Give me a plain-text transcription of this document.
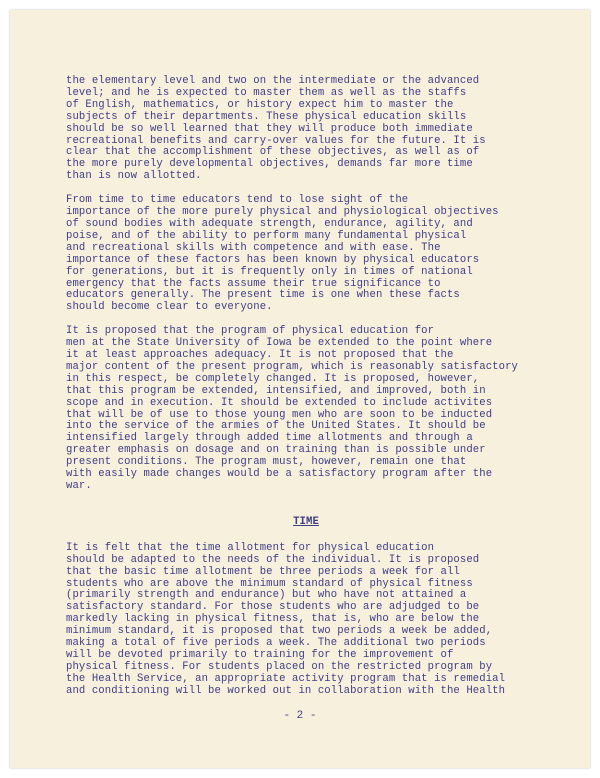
the elementary level and two on the intermediate or the advanced
level; and he is expected to master them as well as the staffs
of English, mathematics, or history expect him to master the
subjects of their departments. These physical education skills
should be so well learned that they will produce both immediate
recreational benefits and carry-over values for the future. It is
clear that the accomplishment of these objectives, as well as of
the more purely developmental objectives, demands far more time
than is now allotted.

From time to time educators tend to lose sight of the
importance of the more purely physical and physiological objectives
of sound bodies with adequate strength, endurance, agility, and
poise, and of the ability to perform many fundamental physical
and recreational skills with competence and with ease. The
importance of these factors has been known by physical educators
for generations, but it is frequently only in times of national
emergency that the facts assume their true significance to
educators generally. The present time is one when these facts
should become clear to everyone.

It is proposed that the program of physical education for
men at the State University of Iowa be extended to the point where
it at least approaches adequacy. It is not proposed that the
major content of the present program, which is reasonably satisfactory
in this respect, be completely changed. It is proposed, however,
that this program be extended, intensified, and improved, both in
scope and in execution. It should be extended to include activites
that will be of use to those young men who are soon to be inducted
into the service of the armies of the United States. It should be
intensified largely through added time allotments and through a
greater emphasis on dosage and on training than is possible under
present conditions. The program must, however, remain one that
with easily made changes would be a satisfactory program after the
war.

TIME

It is felt that the time allotment for physical education
should be adapted to the needs of the individual. It is proposed
that the basic time allotment be three periods a week for all
students who are above the minimum standard of physical fitness
(primarily strength and endurance) but who have not attained a
satisfactory standard. For those students who are adjudged to be
markedly lacking in physical fitness, that is, who are below the
minimum standard, it is proposed that two periods a week be added,
making a total of five periods a week. The additional two periods
will be devoted primarily to training for the improvement of
physical fitness. For students placed on the restricted program by
the Health Service, an appropriate activity program that is remedial
and conditioning will be worked out in collaboration with the Health

- 2 -
